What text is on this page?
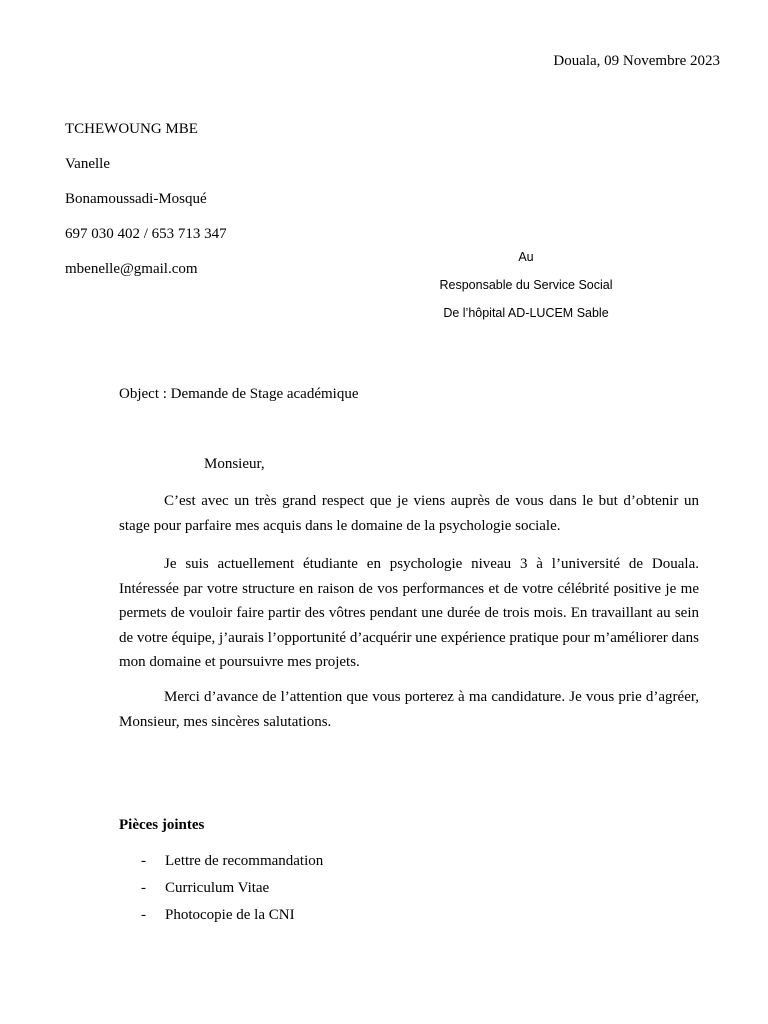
Douala, 09 Novembre 2023
TCHEWOUNG MBE
Vanelle
Bonamoussadi-Mosqué
697 030 402 / 653 713 347
mbenelle@gmail.com
Au
Responsable du Service Social
De l’hôpital AD-LUCEM Sable
Object : Demande de Stage académique
Monsieur,

C’est avec un très grand respect que je viens auprès de vous dans le but d’obtenir un stage pour parfaire mes acquis dans le domaine de la psychologie sociale.

Je suis actuellement étudiante en psychologie niveau 3 à l’université de Douala. Intéressée par votre structure en raison de vos performances et de votre célébrité positive je me permets de vouloir faire partir des vôtres pendant une durée de trois mois. En travaillant au sein de votre équipe, j’aurais l’opportunité d’acquérir une expérience pratique pour m’améliorer dans mon domaine et poursuivre mes projets.

Merci d’avance de l’attention que vous porterez à ma candidature. Je vous prie d’agréer, Monsieur, mes sincères salutations.

Pièces jointes
- Lettre de recommandation
- Curriculum Vitae
- Photocopie de la CNI
